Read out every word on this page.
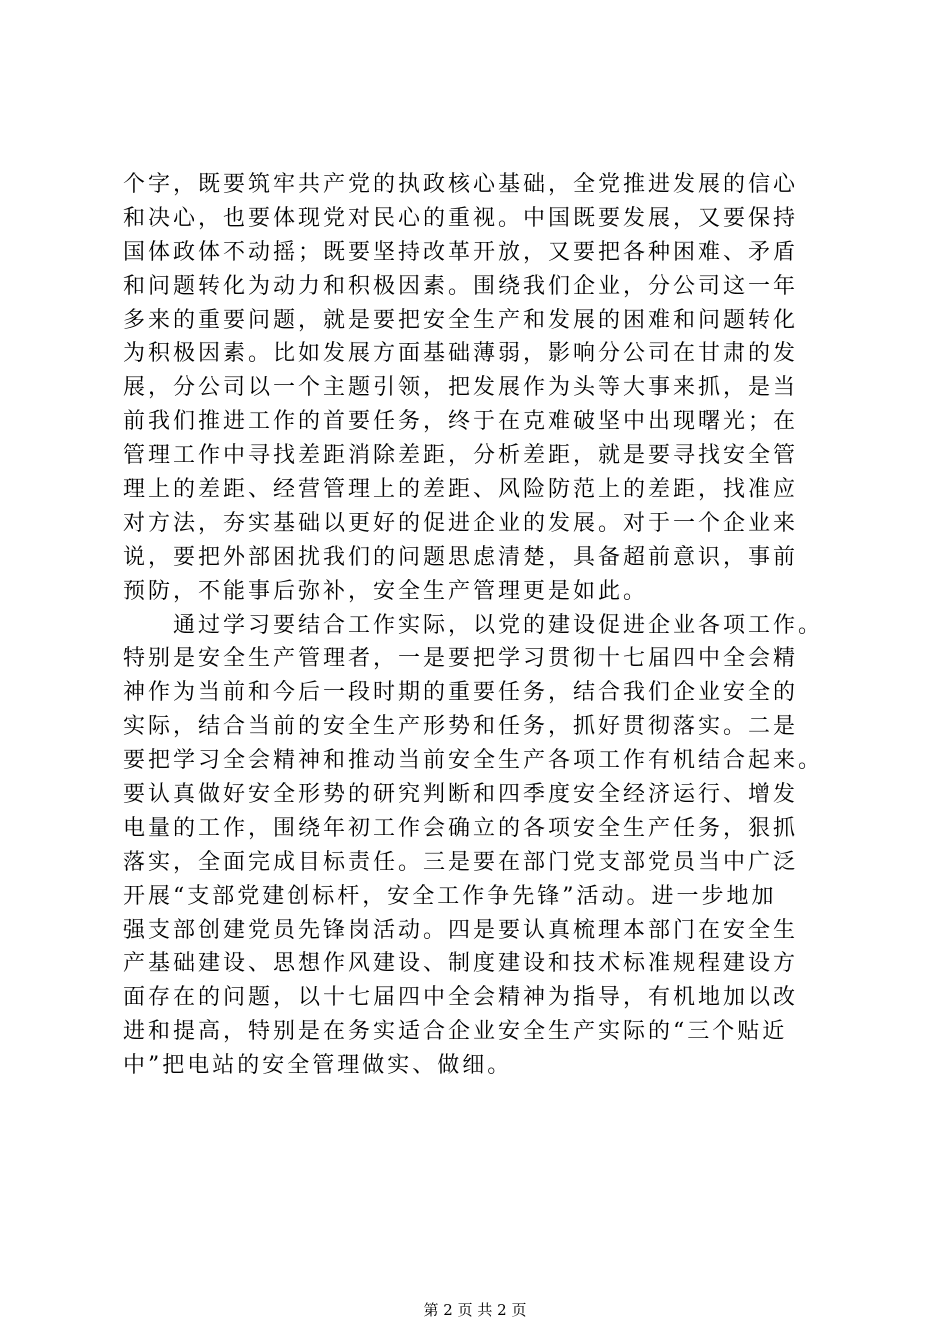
个字，既要筑牢共产党的执政核心基础，全党推进发展的信心
和决心，也要体现党对民心的重视。中国既要发展，又要保持
国体政体不动摇；既要坚持改革开放，又要把各种困难、矛盾
和问题转化为动力和积极因素。围绕我们企业，分公司这一年
多来的重要问题，就是要把安全生产和发展的困难和问题转化
为积极因素。比如发展方面基础薄弱，影响分公司在甘肃的发
展，分公司以一个主题引领，把发展作为头等大事来抓，是当
前我们推进工作的首要任务，终于在克难破坚中出现曙光；在
管理工作中寻找差距消除差距，分析差距，就是要寻找安全管
理上的差距、经营管理上的差距、风险防范上的差距，找准应
对方法，夯实基础以更好的促进企业的发展。对于一个企业来
说，要把外部困扰我们的问题思虑清楚，具备超前意识，事前
预防，不能事后弥补，安全生产管理更是如此。
　　通过学习要结合工作实际，以党的建设促进企业各项工作。
特别是安全生产管理者，一是要把学习贯彻十七届四中全会精
神作为当前和今后一段时期的重要任务，结合我们企业安全的
实际，结合当前的安全生产形势和任务，抓好贯彻落实。二是
要把学习全会精神和推动当前安全生产各项工作有机结合起来。
要认真做好安全形势的研究判断和四季度安全经济运行、增发
电量的工作，围绕年初工作会确立的各项安全生产任务，狠抓
落实，全面完成目标责任。三是要在部门党支部党员当中广泛
开展“支部党建创标杆，安全工作争先锋”活动。进一步地加
强支部创建党员先锋岗活动。四是要认真梳理本部门在安全生
产基础建设、思想作风建设、制度建设和技术标准规程建设方
面存在的问题，以十七届四中全会精神为指导，有机地加以改
进和提高，特别是在务实适合企业安全生产实际的“三个贴近
中”把电站的安全管理做实、做细。
第 2 页 共 2 页
